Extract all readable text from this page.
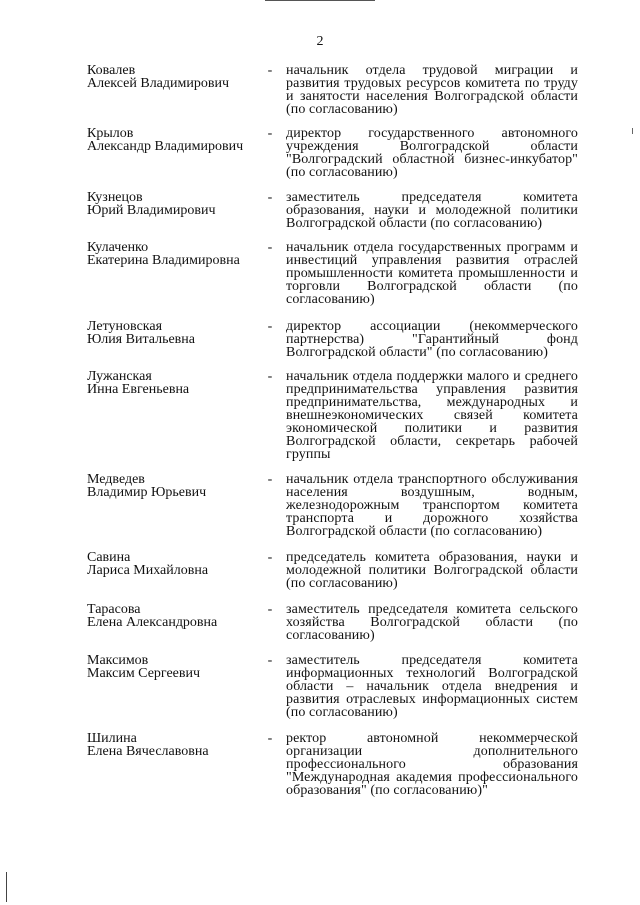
2
Ковалев
Алексей Владимирович
- начальник отдела трудовой миграции и развития трудовых ресурсов комитета по труду и занятости населения Волгоградской области (по согласованию)
Крылов
Александр Владимирович
- директор государственного автономного учреждения Волгоградской области "Волгоградский областной бизнес-инкубатор" (по согласованию)
Кузнецов
Юрий Владимирович
- заместитель председателя комитета образования, науки и молодежной политики Волгоградской области (по согласованию)
Кулаченко
Екатерина Владимировна
- начальник отдела государственных программ и инвестиций управления развития отраслей промышленности комитета промышленности и торговли Волгоградской области (по согласованию)
Летуновская
Юлия Витальевна
- директор ассоциации (некоммерческого партнерства) "Гарантийный фонд Волгоградской области" (по согласованию)
Лужанская
Инна Евгеньевна
- начальник отдела поддержки малого и среднего предпринимательства управления развития предпринимательства, международных и внешнеэкономических связей комитета экономической политики и развития Волгоградской области, секретарь рабочей группы
Медведев
Владимир Юрьевич
- начальник отдела транспортного обслуживания населения воздушным, водным, железнодорожным транспортом комитета транспорта и дорожного хозяйства Волгоградской области (по согласованию)
Савина
Лариса Михайловна
- председатель комитета образования, науки и молодежной политики Волгоградской области (по согласованию)
Тарасова
Елена Александровна
- заместитель председателя комитета сельского хозяйства Волгоградской области (по согласованию)
Максимов
Максим Сергеевич
- заместитель председателя комитета информационных технологий Волгоградской области – начальник отдела внедрения и развития отраслевых информационных систем (по согласованию)
Шилина
Елена Вячеславовна
- ректор автономной некоммерческой организации дополнительного профессионального образования "Международная академия профессионального образования" (по согласованию)"
